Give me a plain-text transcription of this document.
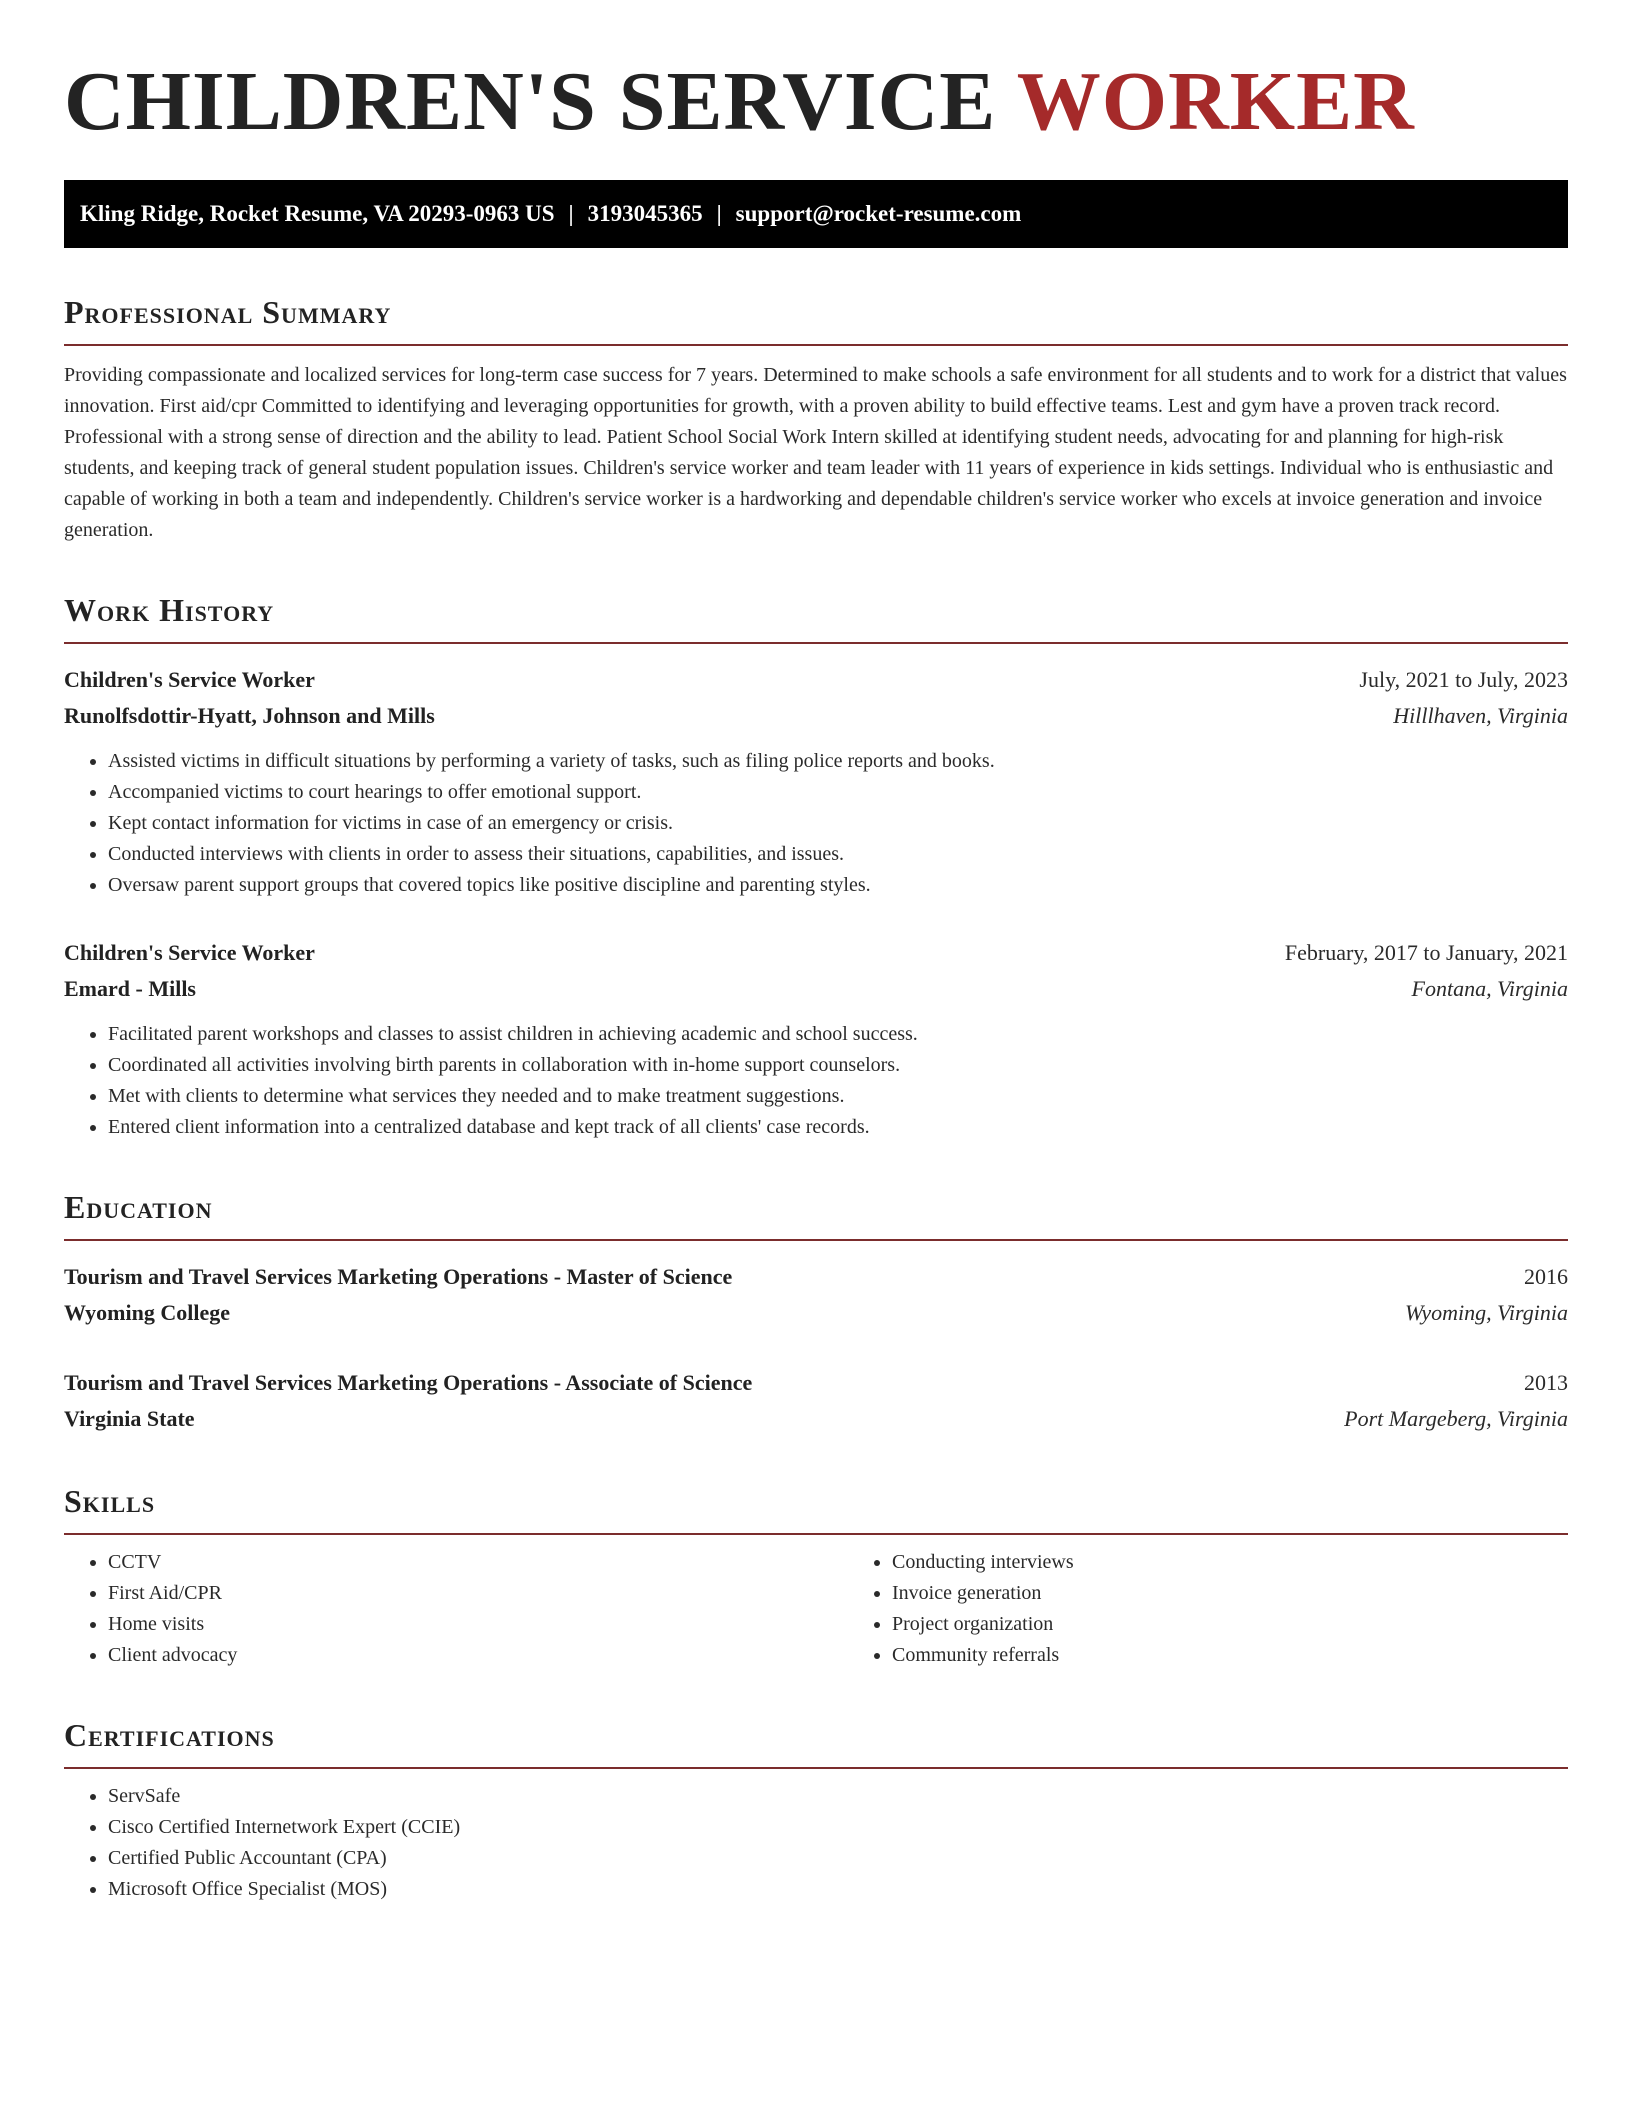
CHILDREN'S SERVICE WORKER
Kling Ridge, Rocket Resume, VA 20293-0963 US | 3193045365 | support@rocket-resume.com
Professional Summary

Providing compassionate and localized services for long-term case success for 7 years. Determined to make schools a safe environment for all students and to work for a district that values innovation. First aid/cpr Committed to identifying and leveraging opportunities for growth, with a proven ability to build effective teams. Lest and gym have a proven track record. Professional with a strong sense of direction and the ability to lead. Patient School Social Work Intern skilled at identifying student needs, advocating for and planning for high-risk students, and keeping track of general student population issues. Children's service worker and team leader with 11 years of experience in kids settings. Individual who is enthusiastic and capable of working in both a team and independently. Children's service worker is a hardworking and dependable children's service worker who excels at invoice generation and invoice generation.

Work History
Children's Service Worker	July, 2021 to July, 2023
Runolfsdottir-Hyatt, Johnson and Mills	Hilllhaven, Virginia
• Assisted victims in difficult situations by performing a variety of tasks, such as filing police reports and books.
• Accompanied victims to court hearings to offer emotional support.
• Kept contact information for victims in case of an emergency or crisis.
• Conducted interviews with clients in order to assess their situations, capabilities, and issues.
• Oversaw parent support groups that covered topics like positive discipline and parenting styles.
Children's Service Worker	February, 2017 to January, 2021
Emard - Mills	Fontana, Virginia
• Facilitated parent workshops and classes to assist children in achieving academic and school success.
• Coordinated all activities involving birth parents in collaboration with in-home support counselors.
• Met with clients to determine what services they needed and to make treatment suggestions.
• Entered client information into a centralized database and kept track of all clients' case records.
Education
Tourism and Travel Services Marketing Operations - Master of Science	2016
Wyoming College	Wyoming, Virginia
Tourism and Travel Services Marketing Operations - Associate of Science	2013
Virginia State	Port Margeberg, Virginia
Skills
• CCTV
• First Aid/CPR
• Home visits
• Client advocacy
• Conducting interviews
• Invoice generation
• Project organization
• Community referrals
Certifications
• ServSafe
• Cisco Certified Internetwork Expert (CCIE)
• Certified Public Accountant (CPA)
• Microsoft Office Specialist (MOS)
